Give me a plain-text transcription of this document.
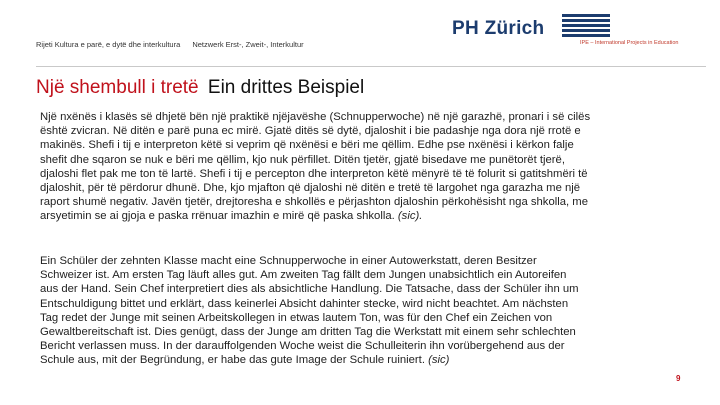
Rijeti Kultura e parë, e dytë dhe interkultura Netzwerk Erst-, Zweit-, Interkultur
PH Zürich
IPE – International Projects in Education
Një shembull i tretë Ein drittes Beispiel
Një nxënës i klasës së dhjetë bën një praktikë njëjavëshe (Schnupperwoche) në një garazhë, pronari i së cilës
është zvicran. Në ditën e parë puna ec mirë. Gjatë ditës së dytë, djaloshit i bie padashje nga dora një rrotë e
makinës. Shefi i tij e interpreton këtë si veprim që nxënësi e bëri me qëllim. Edhe pse nxënësi i kërkon falje
shefit dhe sqaron se nuk e bëri me qëllim, kjo nuk përfillet. Ditën tjetër, gjatë bisedave me punëtorët tjerë,
djaloshi flet pak me ton të lartë. Shefi i tij e percepton dhe interpreton këtë mënyrë të të folurit si gatitshmëri të
djaloshit, për të përdorur dhunë. Dhe, kjo mjafton që djaloshi në ditën e tretë të largohet nga garazha me një
raport shumë negativ. Javën tjetër, drejtoresha e shkollës e përjashton djaloshin përkohësisht nga shkolla, me
arsyetimin se ai gjoja e paska rrënuar imazhin e mirë që paska shkolla. (sic).
Ein Schüler der zehnten Klasse macht eine Schnupperwoche in einer Autowerkstatt, deren Besitzer
Schweizer ist. Am ersten Tag läuft alles gut. Am zweiten Tag fällt dem Jungen unabsichtlich ein Autoreifen
aus der Hand. Sein Chef interpretiert dies als absichtliche Handlung. Die Tatsache, dass der Schüler ihn um
Entschuldigung bittet und erklärt, dass keinerlei Absicht dahinter stecke, wird nicht beachtet. Am nächsten
Tag redet der Junge mit seinen Arbeitskollegen in etwas lautem Ton, was für den Chef ein Zeichen von
Gewaltbereitschaft ist. Dies genügt, dass der Junge am dritten Tag die Werkstatt mit einem sehr schlechten
Bericht verlassen muss. In der darauffolgenden Woche weist die Schulleiterin ihn vorübergehend aus der
Schule aus, mit der Begründung, er habe das gute Image der Schule ruiniert. (sic)
9
